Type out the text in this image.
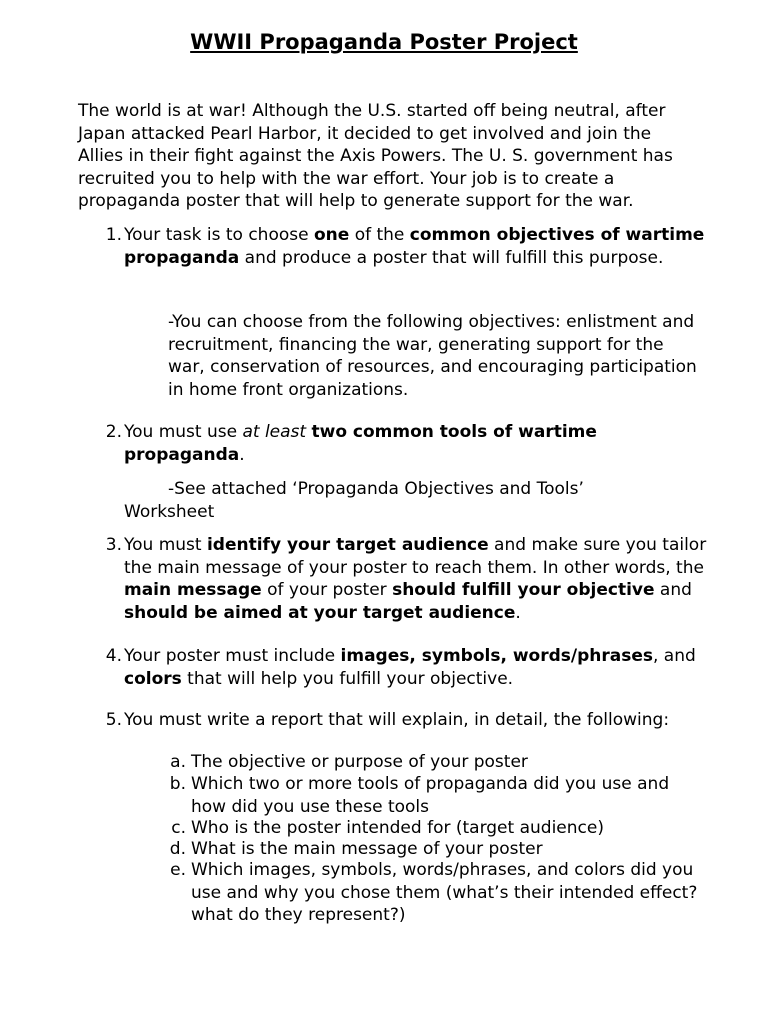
WWII Propaganda Poster Project
The world is at war! Although the U.S. started off being neutral, after Japan attacked Pearl Harbor, it decided to get involved and join the Allies in their fight against the Axis Powers. The U. S. government has recruited you to help with the war effort. Your job is to create a propaganda poster that will help to generate support for the war.
1. Your task is to choose one of the common objectives of wartime propaganda and produce a poster that will fulfill this purpose.
-You can choose from the following objectives: enlistment and recruitment, financing the war, generating support for the war, conservation of resources, and encouraging participation in home front organizations.
2. You must use at least two common tools of wartime propaganda.
-See attached ‘Propaganda Objectives and Tools’
Worksheet
3. You must identify your target audience and make sure you tailor the main message of your poster to reach them. In other words, the main message of your poster should fulfill your objective and should be aimed at your target audience.
4. Your poster must include images, symbols, words/phrases, and colors that will help you fulfill your objective.
5. You must write a report that will explain, in detail, the following:
a. The objective or purpose of your poster
b. Which two or more tools of propaganda did you use and how did you use these tools
c. Who is the poster intended for (target audience)
d. What is the main message of your poster
e. Which images, symbols, words/phrases, and colors did you use and why you chose them (what’s their intended effect? what do they represent?)
